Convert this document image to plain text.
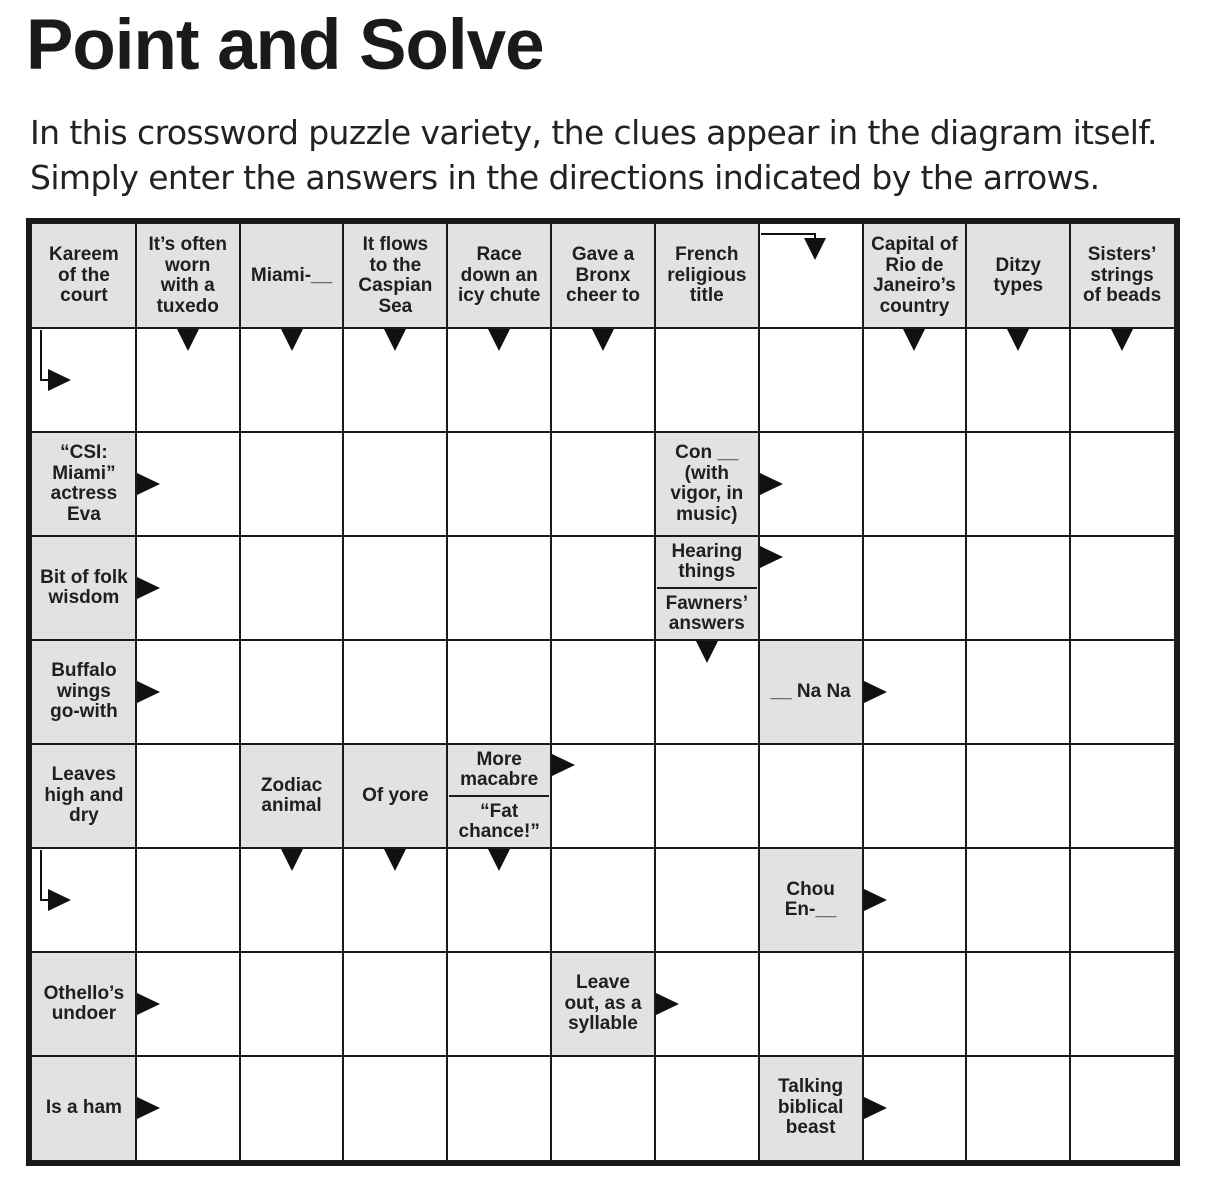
Point and Solve

In this crossword puzzle variety, the clues appear in the diagram itself.
Simply enter the answers in the directions indicated by the arrows.

Kareem
of the
court
It’s often
worn
with a
tuxedo
Miami-__
It flows
to the
Caspian
Sea
Race
down an
icy chute
Gave a
Bronx
cheer to
French
religious
title
Capital of
Rio de
Janeiro’s
country
Ditzy
types
Sisters’
strings
of beads
“CSI:
Miami”
actress
Eva
Con __
(with
vigor, in
music)
Bit of folk
wisdom
Hearing
things
Fawners’
answers
Buffalo
wings
go-with
__ Na Na
Leaves
high and
dry
Zodiac
animal Of yore
More
macabre
“Fat
chance!”
Chou
En-__
Othello’s
undoer
Leave
out, as a
syllable
Is a ham
Talking
biblical
beast
